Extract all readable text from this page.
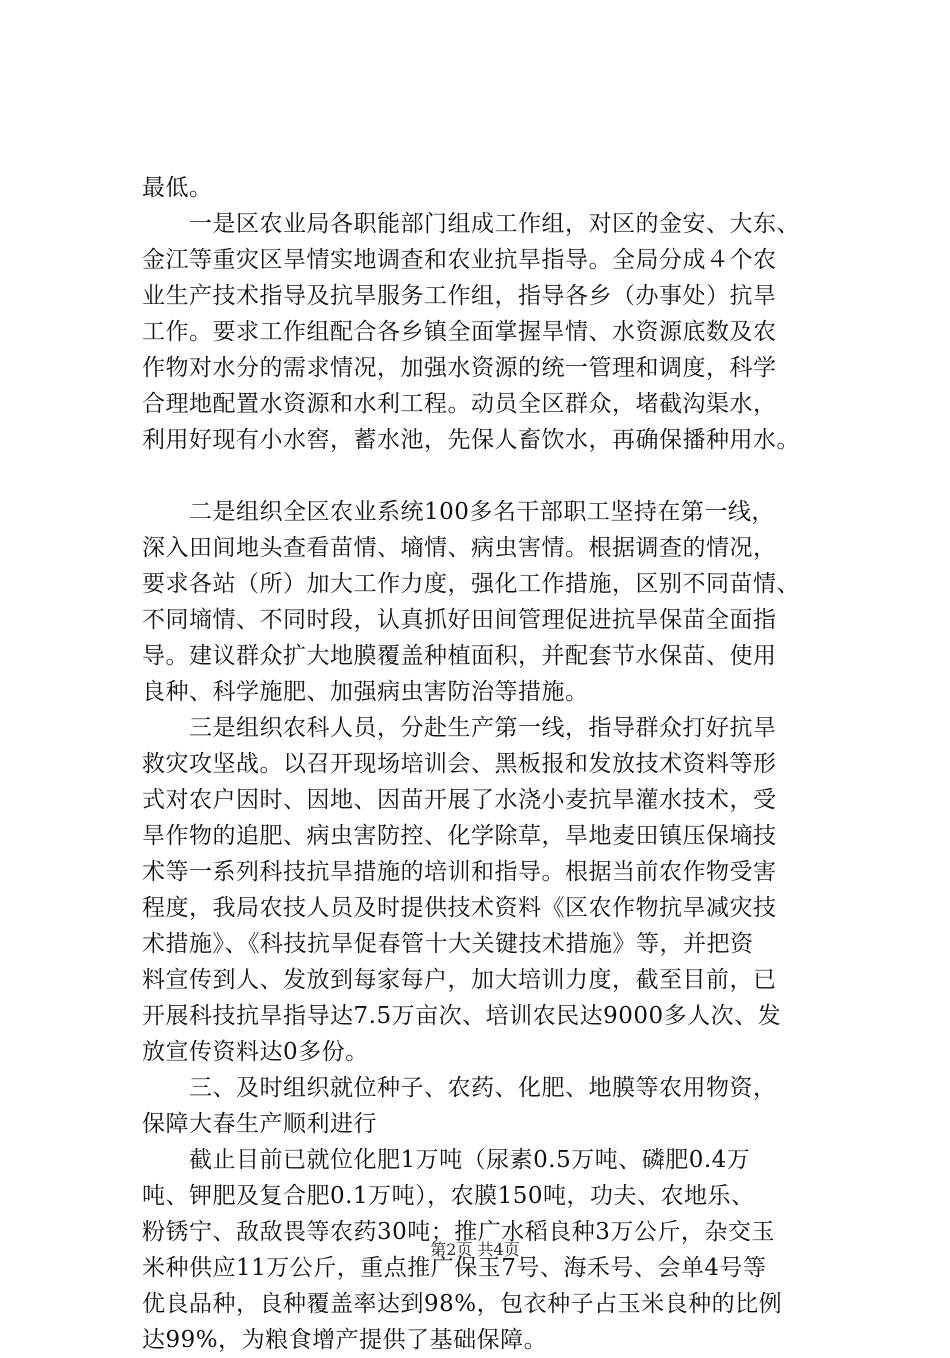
最低。
一是区农业局各职能部门组成工作组，对区的金安、大东、
金江等重灾区旱情实地调查和农业抗旱指导。全局分成４个农
业生产技术指导及抗旱服务工作组，指导各乡（办事处）抗旱
工作。要求工作组配合各乡镇全面掌握旱情、水资源底数及农
作物对水分的需求情况，加强水资源的统一管理和调度，科学
合理地配置水资源和水利工程。动员全区群众，堵截沟渠水，
利用好现有小水窖，蓄水池，先保人畜饮水，再确保播种用水。
二是组织全区农业系统100多名干部职工坚持在第一线，
深入田间地头查看苗情、墒情、病虫害情。根据调查的情况，
要求各站（所）加大工作力度，强化工作措施，区别不同苗情、
不同墒情、不同时段，认真抓好田间管理促进抗旱保苗全面指
导。建议群众扩大地膜覆盖种植面积，并配套节水保苗、使用
良种、科学施肥、加强病虫害防治等措施。
三是组织农科人员，分赴生产第一线，指导群众打好抗旱
救灾攻坚战。以召开现场培训会、黑板报和发放技术资料等形
式对农户因时、因地、因苗开展了水浇小麦抗旱灌水技术，受
旱作物的追肥、病虫害防控、化学除草，旱地麦田镇压保墒技
术等一系列科技抗旱措施的培训和指导。根据当前农作物受害
程度，我局农技人员及时提供技术资料《区农作物抗旱减灾技
术措施》、《科技抗旱促春管十大关键技术措施》等，并把资
料宣传到人、发放到每家每户，加大培训力度，截至目前，已
开展科技抗旱指导达7.5万亩次、培训农民达9000多人次、发
放宣传资料达0多份。
三、及时组织就位种子、农药、化肥、地膜等农用物资，
保障大春生产顺利进行
截止目前已就位化肥1万吨（尿素0.5万吨、磷肥0.4万
吨、钾肥及复合肥0.1万吨），农膜150吨，功夫、农地乐、
粉锈宁、敌敌畏等农药30吨；推广水稻良种3万公斤，杂交玉
米种供应11万公斤，重点推广保玉7号、海禾号、会单4号等
优良品种，良种覆盖率达到98%，包衣种子占玉米良种的比例
达99%，为粮食增产提供了基础保障。
第2页 共4页
